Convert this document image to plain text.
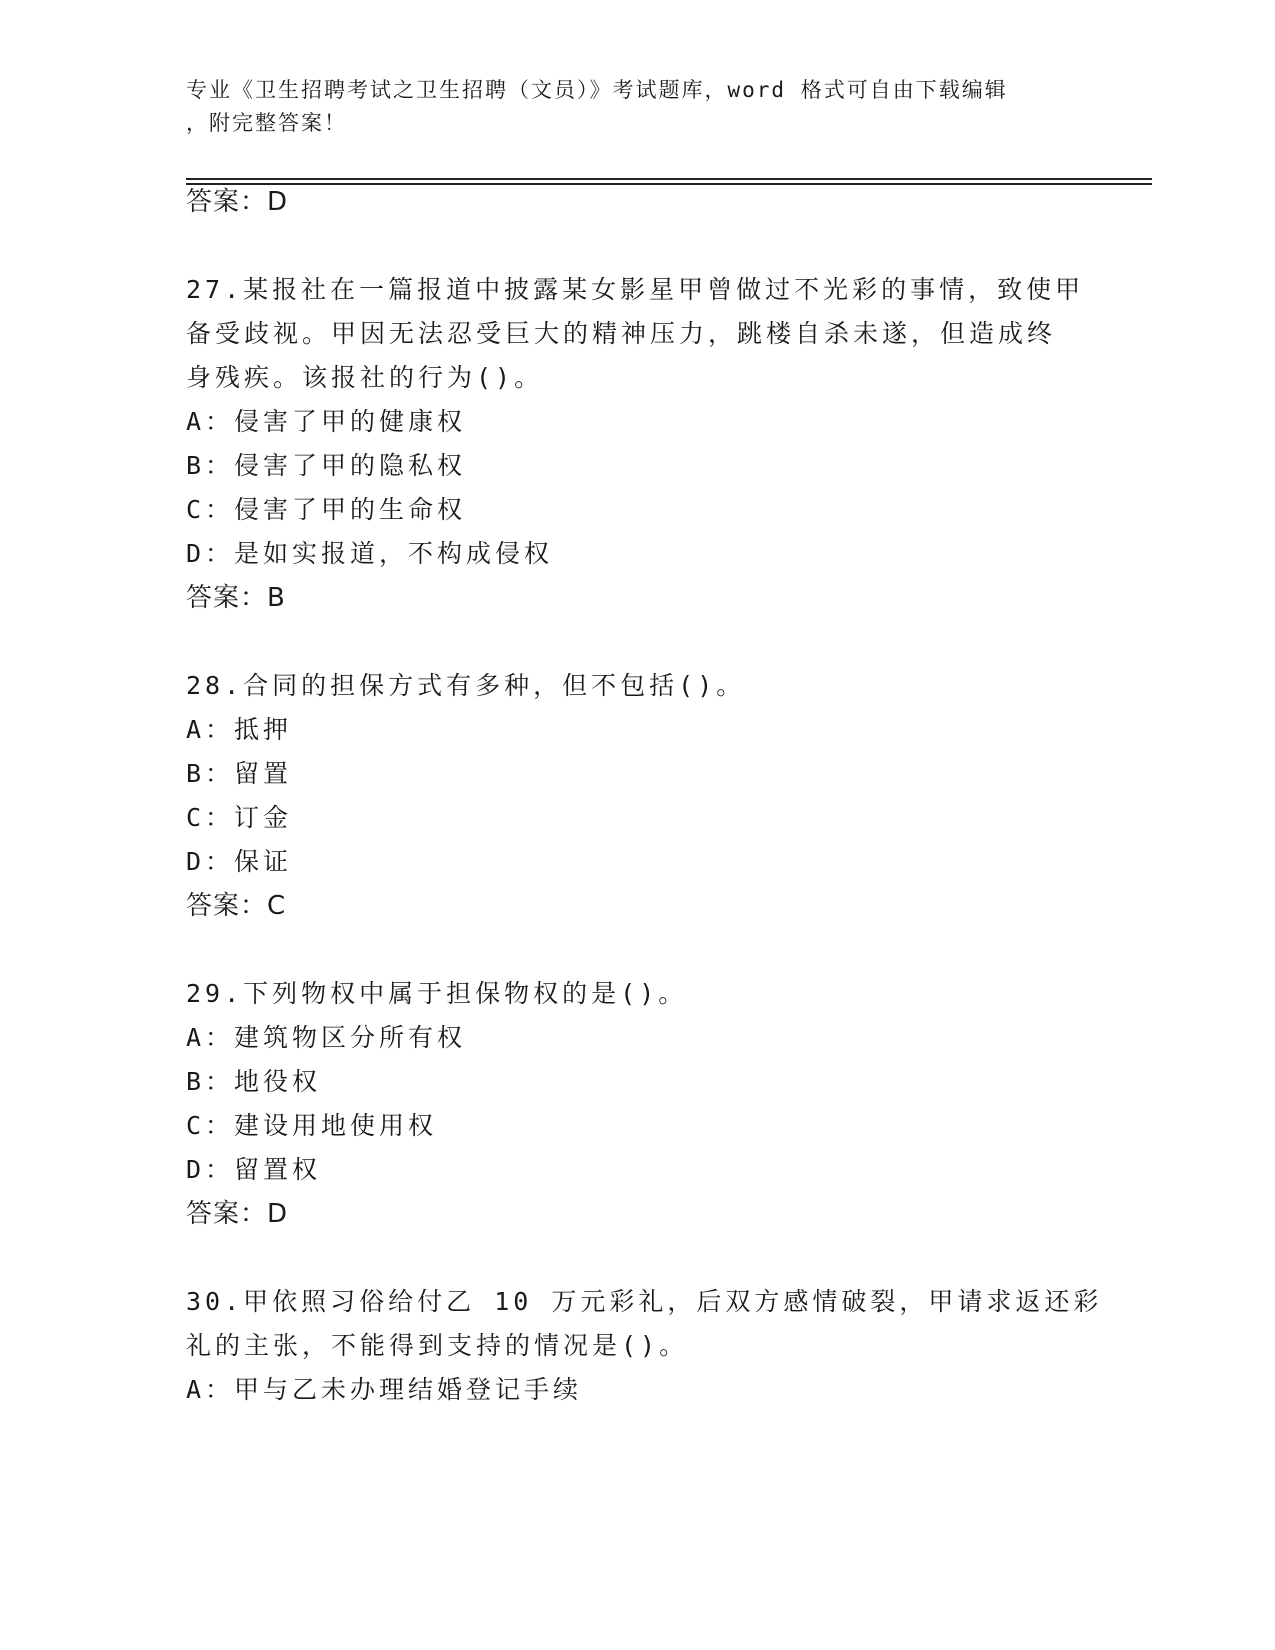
专业《卫生招聘考试之卫生招聘（文员）》考试题库，word 格式可自由下载编辑
，附完整答案！
答案：D
27.某报社在一篇报道中披露某女影星甲曾做过不光彩的事情，致使甲
备受歧视。甲因无法忍受巨大的精神压力，跳楼自杀未遂，但造成终
身残疾。该报社的行为()。
A：侵害了甲的健康权
B：侵害了甲的隐私权
C：侵害了甲的生命权
D：是如实报道，不构成侵权
答案：B
28.合同的担保方式有多种，但不包括()。
A：抵押
B：留置
C：订金
D：保证
答案：C
29.下列物权中属于担保物权的是()。
A：建筑物区分所有权
B：地役权
C：建设用地使用权
D：留置权
答案：D
30.甲依照习俗给付乙 10 万元彩礼，后双方感情破裂，甲请求返还彩
礼的主张，不能得到支持的情况是()。
A：甲与乙未办理结婚登记手续
